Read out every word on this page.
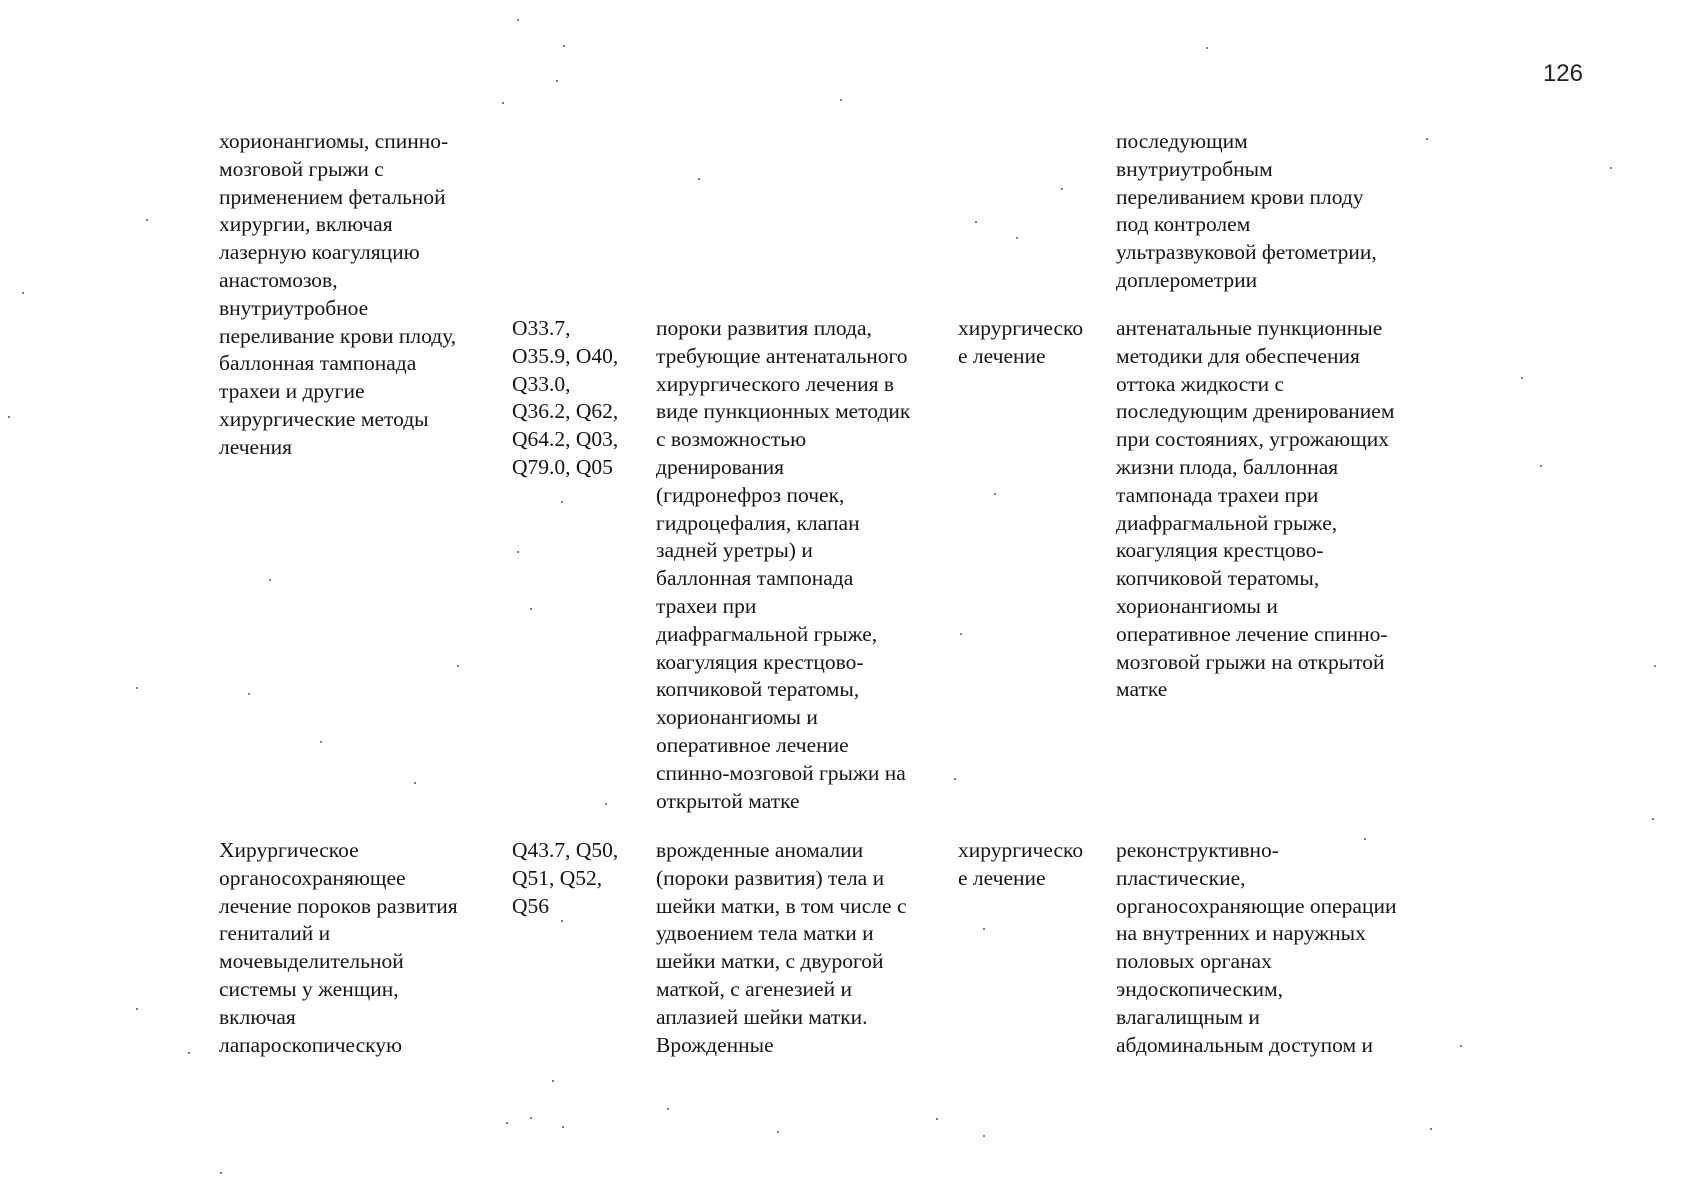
126

хорионангиомы, спинно-
мозговой грыжи с
применением фетальной
хирургии, включая
лазерную коагуляцию
анастомозов,
внутриутробное
переливание крови плоду,
баллонная тампонада
трахеи и другие
хирургические методы
лечения

последующим
внутриутробным
переливанием крови плоду
под контролем
ультразвуковой фетометрии,
доплерометрии

O33.7,
O35.9, O40,
Q33.0,
Q36.2, Q62,
Q64.2, Q03,
Q79.0, Q05

пороки развития плода,
требующие антенатального
хирургического лечения в
виде пункционных методик
с возможностью
дренирования
(гидронефроз почек,
гидроцефалия, клапан
задней уретры) и
баллонная тампонада
трахеи при
диафрагмальной грыже,
коагуляция крестцово-
копчиковой тератомы,
хорионангиомы и
оперативное лечение
спинно-мозговой грыжи на
открытой матке

хирургическо
е лечение

антенатальные пункционные
методики для обеспечения
оттока жидкости с
последующим дренированием
при состояниях, угрожающих
жизни плода, баллонная
тампонада трахеи при
диафрагмальной грыже,
коагуляция крестцово-
копчиковой тератомы,
хорионангиомы и
оперативное лечение спинно-
мозговой грыжи на открытой
матке

Хирургическое
органосохраняющее
лечение пороков развития
гениталий и
мочевыделительной
системы у женщин,
включая
лапароскопическую

Q43.7, Q50,
Q51, Q52,
Q56

врожденные аномалии
(пороки развития) тела и
шейки матки, в том числе с
удвоением тела матки и
шейки матки, с двурогой
маткой, с агенезией и
аплазией шейки матки.
Врожденные

хирургическо
е лечение

реконструктивно-
пластические,
органосохраняющие операции
на внутренних и наружных
половых органах
эндоскопическим,
влагалищным и
абдоминальным доступом и
